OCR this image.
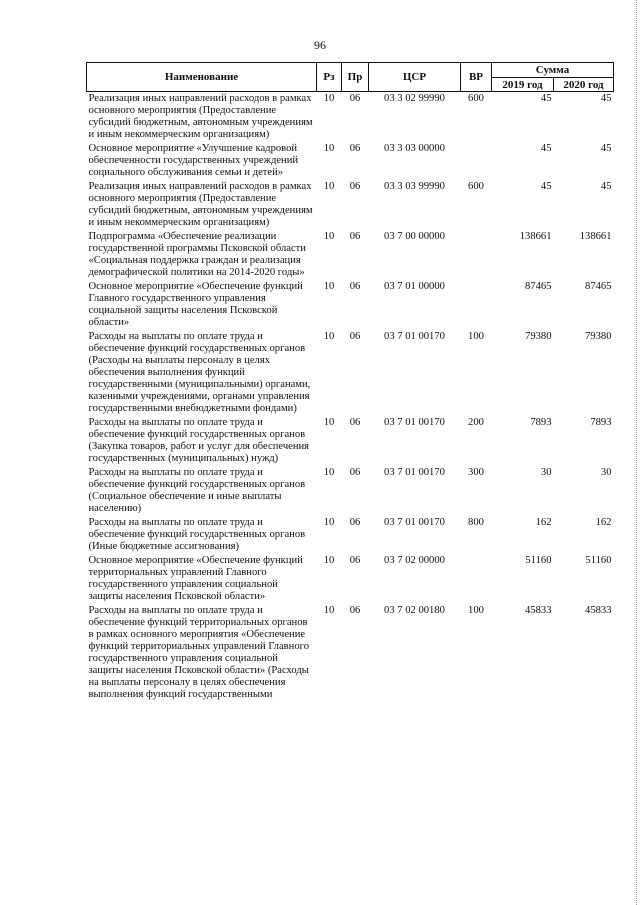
96
Наименование	Рз	Пр	ЦСР	ВР	Сумма	
					2019 год	2020 год
Реализация иных направлений расходов в рамках основного мероприятия (Предоставление субсидий бюджетным, автономным учреждениям и иным некоммерческим организациям)	10	06	03 3 02 99990	600	45	45
Основное мероприятие «Улучшение кадровой обеспеченности государственных учреждений социального обслуживания семьи и детей»	10	06	03 3 03 00000		45	45
Реализация иных направлений расходов в рамках основного мероприятия (Предоставление субсидий бюджетным, автономным учреждениям и иным некоммерческим организациям)	10	06	03 3 03 99990	600	45	45
Подпрограмма «Обеспечение реализации государственной программы Псковской области «Социальная поддержка граждан и реализация демографической политики на 2014-2020 годы»	10	06	03 7 00 00000		138661	138661
Основное мероприятие «Обеспечение функций Главного государственного управления социальной защиты населения Псковской области»	10	06	03 7 01 00000		87465	87465
Расходы на выплаты по оплате труда и обеспечение функций государственных органов (Расходы на выплаты персоналу в целях обеспечения выполнения функций государственными (муниципальными) органами, казенными учреждениями, органами управления государственными внебюджетными фондами)	10	06	03 7 01 00170	100	79380	79380
Расходы на выплаты по оплате труда и обеспечение функций государственных органов (Закупка товаров, работ и услуг для обеспечения государственных (муниципальных) нужд)	10	06	03 7 01 00170	200	7893	7893
Расходы на выплаты по оплате труда и обеспечение функций государственных органов (Социальное обеспечение и иные выплаты населению)	10	06	03 7 01 00170	300	30	30
Расходы на выплаты по оплате труда и обеспечение функций государственных органов (Иные бюджетные ассигнования)	10	06	03 7 01 00170	800	162	162
Основное мероприятие «Обеспечение функций территориальных управлений Главного государственного управления социальной защиты населения Псковской области»	10	06	03 7 02 00000		51160	51160
Расходы на выплаты по оплате труда и обеспечение функций территориальных органов в рамках основного мероприятия «Обеспечение функций территориальных управлений Главного государственного управления социальной защиты населения Псковской области» (Расходы на выплаты персоналу в целях обеспечения выполнения функций государственными	10	06	03 7 02 00180	100	45833	45833
